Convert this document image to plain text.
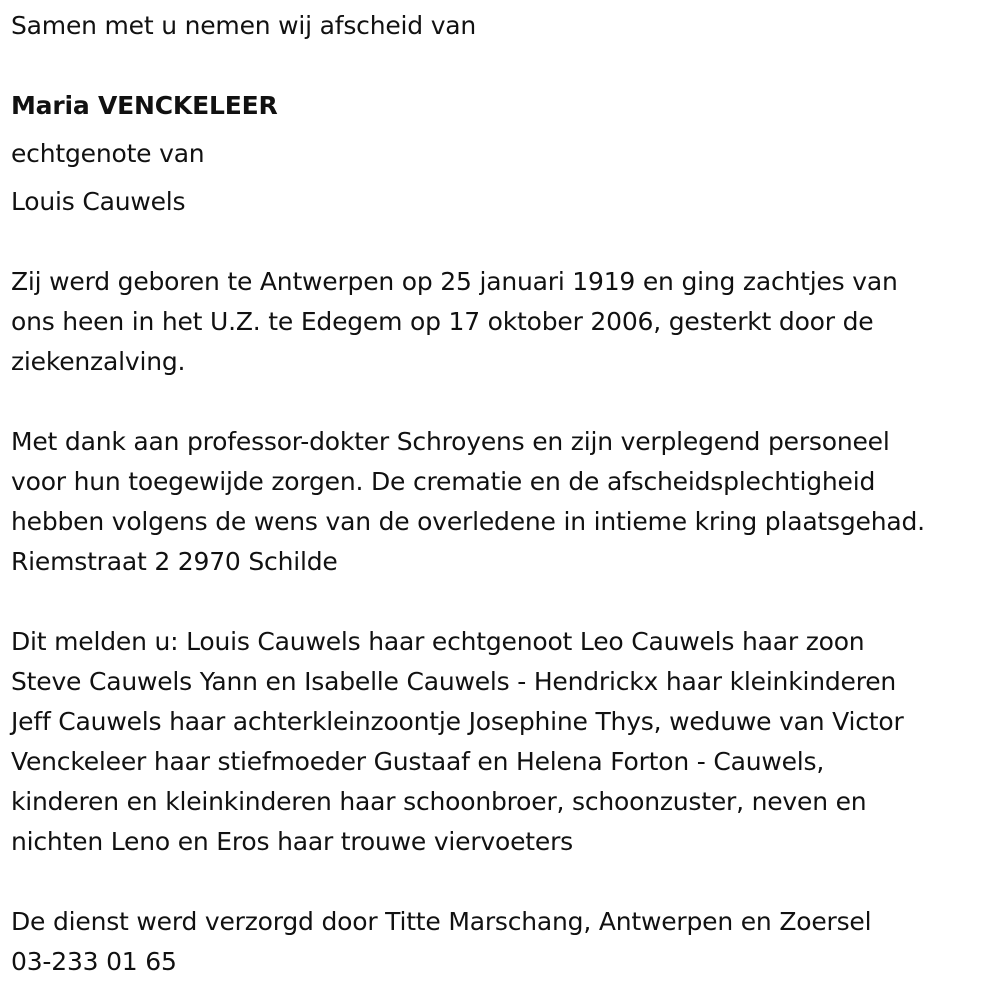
Samen met u nemen wij afscheid van
Maria VENCKELEER
echtgenote van
Louis Cauwels
Zij werd geboren te Antwerpen op 25 januari 1919 en ging zachtjes van
ons heen in het U.Z. te Edegem op 17 oktober 2006, gesterkt door de
ziekenzalving.
Met dank aan professor-dokter Schroyens en zijn verplegend personeel
voor hun toegewijde zorgen. De crematie en de afscheidsplechtigheid
hebben volgens de wens van de overledene in intieme kring plaatsgehad.
Riemstraat 2 2970 Schilde
Dit melden u: Louis Cauwels haar echtgenoot Leo Cauwels haar zoon
Steve Cauwels Yann en Isabelle Cauwels - Hendrickx haar kleinkinderen
Jeff Cauwels haar achterkleinzoontje Josephine Thys, weduwe van Victor
Venckeleer haar stiefmoeder Gustaaf en Helena Forton - Cauwels,
kinderen en kleinkinderen haar schoonbroer, schoonzuster, neven en
nichten Leno en Eros haar trouwe viervoeters
De dienst werd verzorgd door Titte Marschang, Antwerpen en Zoersel
03-233 01 65
